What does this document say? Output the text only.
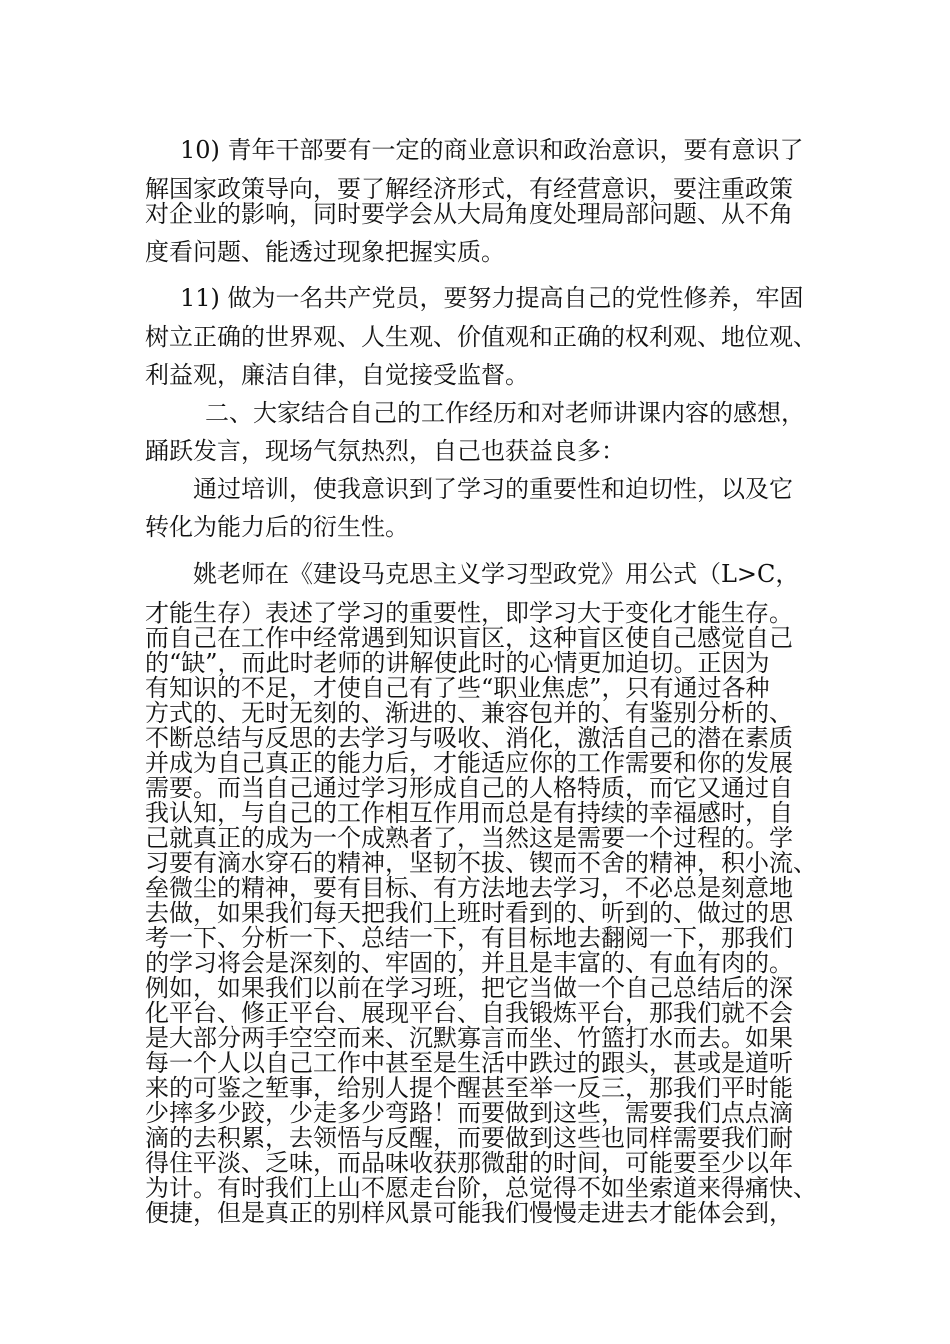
10) 青年干部要有一定的商业意识和政治意识，要有意识了
解国家政策导向，要了解经济形式，有经营意识，要注重政策
对企业的影响，同时要学会从大局角度处理局部问题、从不角
度看问题、能透过现象把握实质。
11) 做为一名共产党员，要努力提高自己的党性修养，牢固
树立正确的世界观、人生观、价值观和正确的权利观、地位观、
利益观，廉洁自律，自觉接受监督。
二、大家结合自己的工作经历和对老师讲课内容的感想，
踊跃发言，现场气氛热烈，自己也获益良多：
通过培训，使我意识到了学习的重要性和迫切性，以及它
转化为能力后的衍生性。
姚老师在《建设马克思主义学习型政党》用公式（L>C，
才能生存）表述了学习的重要性，即学习大于变化才能生存。
而自己在工作中经常遇到知识盲区，这种盲区使自己感觉自己
的“缺”，而此时老师的讲解使此时的心情更加迫切。正因为
有知识的不足，才使自己有了些“职业焦虑”，只有通过各种
方式的、无时无刻的、渐进的、兼容包并的、有鉴别分析的、
不断总结与反思的去学习与吸收、消化，激活自己的潜在素质
并成为自己真正的能力后，才能适应你的工作需要和你的发展
需要。而当自己通过学习形成自己的人格特质，而它又通过自
我认知，与自己的工作相互作用而总是有持续的幸福感时，自
己就真正的成为一个成熟者了，当然这是需要一个过程的。学
习要有滴水穿石的精神，坚韧不拔、锲而不舍的精神，积小流、
垒微尘的精神，要有目标、有方法地去学习，不必总是刻意地
去做，如果我们每天把我们上班时看到的、听到的、做过的思
考一下、分析一下、总结一下，有目标地去翻阅一下，那我们
的学习将会是深刻的、牢固的，并且是丰富的、有血有肉的。
例如，如果我们以前在学习班，把它当做一个自己总结后的深
化平台、修正平台、展现平台、自我锻炼平台，那我们就不会
是大部分两手空空而来、沉默寡言而坐、竹篮打水而去。如果
每一个人以自己工作中甚至是生活中跌过的跟头，甚或是道听
来的可鉴之堑事，给别人提个醒甚至举一反三，那我们平时能
少摔多少跤，少走多少弯路！而要做到这些，需要我们点点滴
滴的去积累，去领悟与反醒，而要做到这些也同样需要我们耐
得住平淡、乏味，而品味收获那微甜的时间，可能要至少以年
为计。有时我们上山不愿走台阶，总觉得不如坐索道来得痛快、
便捷，但是真正的别样风景可能我们慢慢走进去才能体会到，
